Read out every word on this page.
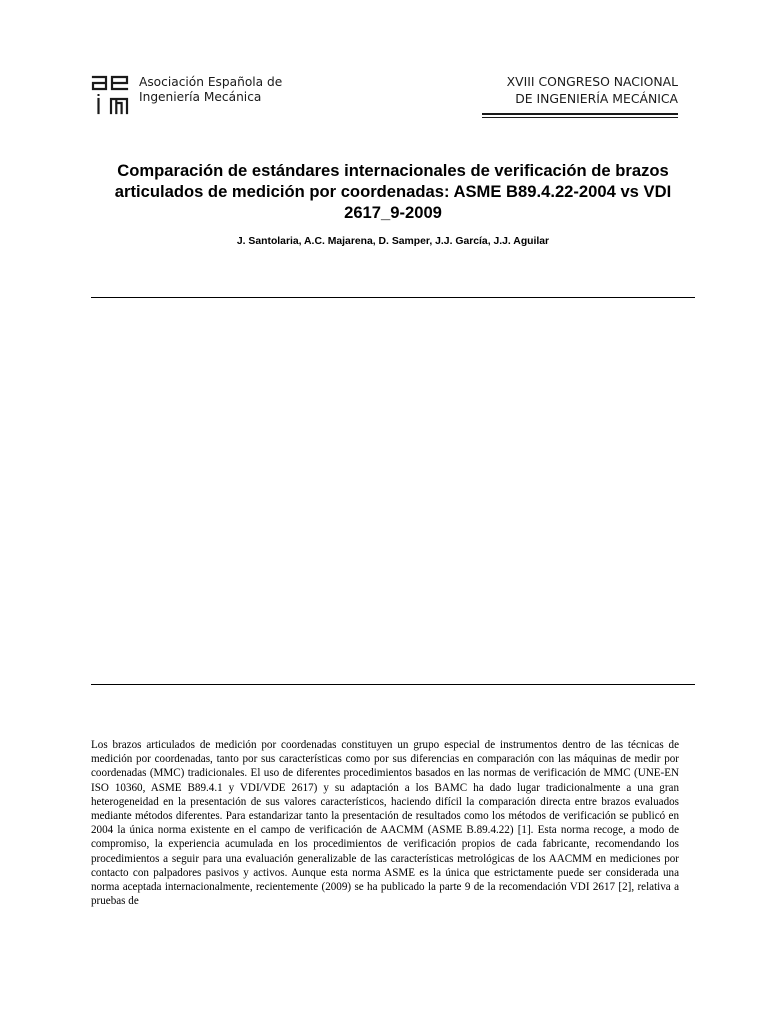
Asociación Española de
Ingeniería Mecánica
XVIII CONGRESO NACIONAL
DE INGENIERÍA MECÁNICA
Comparación de estándares internacionales de verificación de brazos articulados de medición por coordenadas: ASME B89.4.22-2004 vs VDI 2617_9-2009

J. Santolaria, A.C. Majarena, D. Samper, J.J. García, J.J. Aguilar

Los brazos articulados de medición por coordenadas constituyen un grupo especial de instrumentos dentro de las técnicas de medición por coordenadas, tanto por sus características como por sus diferencias en comparación con las máquinas de medir por coordenadas (MMC) tradicionales. El uso de diferentes procedimientos basados en las normas de verificación de MMC (UNE-EN ISO 10360, ASME B89.4.1 y VDI/VDE 2617) y su adaptación a los BAMC ha dado lugar tradicionalmente a una gran heterogeneidad en la presentación de sus valores característicos, haciendo difícil la comparación directa entre brazos evaluados mediante métodos diferentes. Para estandarizar tanto la presentación de resultados como los métodos de verificación se publicó en 2004 la única norma existente en el campo de verificación de AACMM (ASME B.89.4.22) [1]. Esta norma recoge, a modo de compromiso, la experiencia acumulada en los procedimientos de verificación propios de cada fabricante, recomendando los procedimientos a seguir para una evaluación generalizable de las características metrológicas de los AACMM en mediciones por contacto con palpadores pasivos y activos. Aunque esta norma ASME es la única que estrictamente puede ser considerada una norma aceptada internacionalmente, recientemente (2009) se ha publicado la parte 9 de la recomendación VDI 2617 [2], relativa a pruebas de
